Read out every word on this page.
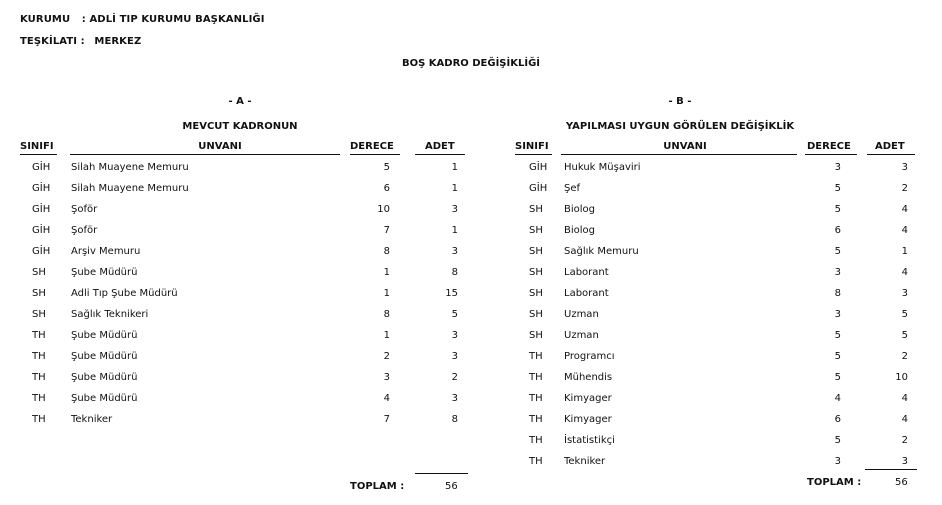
KURUMU : ADLİ TIP KURUMU BAŞKANLIĞI
TEŞKİLATI : MERKEZ
BOŞ KADRO DEĞİŞİKLİĞİ
- A -
MEVCUT KADRONUN
SINIFI	UNVANI	DERECE	ADET
GİH Silah Muayene Memuru	5	1
GİH Silah Muayene Memuru	6	1
GİH Şoför	10	3
GİH Şoför	7	1
GİH Arşiv Memuru	8	3
SH	Şube Müdürü	1	8
SH	Adli Tıp Şube Müdürü	1	15
SH	Sağlık Teknikeri	8	5
TH	Şube Müdürü	1	3
TH	Şube Müdürü	2	3
TH	Şube Müdürü	3	2
TH	Şube Müdürü	4	3
TH	Tekniker	7	8
TOPLAM :	56
- B -
YAPILMASI UYGUN GÖRÜLEN DEĞİŞİKLİK
SINIFI	UNVANI	DERECE ADET
GİH Hukuk Müşaviri	3	3
GİH Şef	5	2
SH Biolog	5	4
SH Biolog	6	4
SH Sağlık Memuru	5	1
SH Laborant	3	4
SH Laborant	8	3
SH Uzman	3	5
SH Uzman	5	5
TH Programcı	5	2
TH Mühendis	5	10
TH Kimyager	4	4
TH Kimyager	6	4
TH İstatistikçi	5	2
TH Tekniker	3	3
TOPLAM :	56
